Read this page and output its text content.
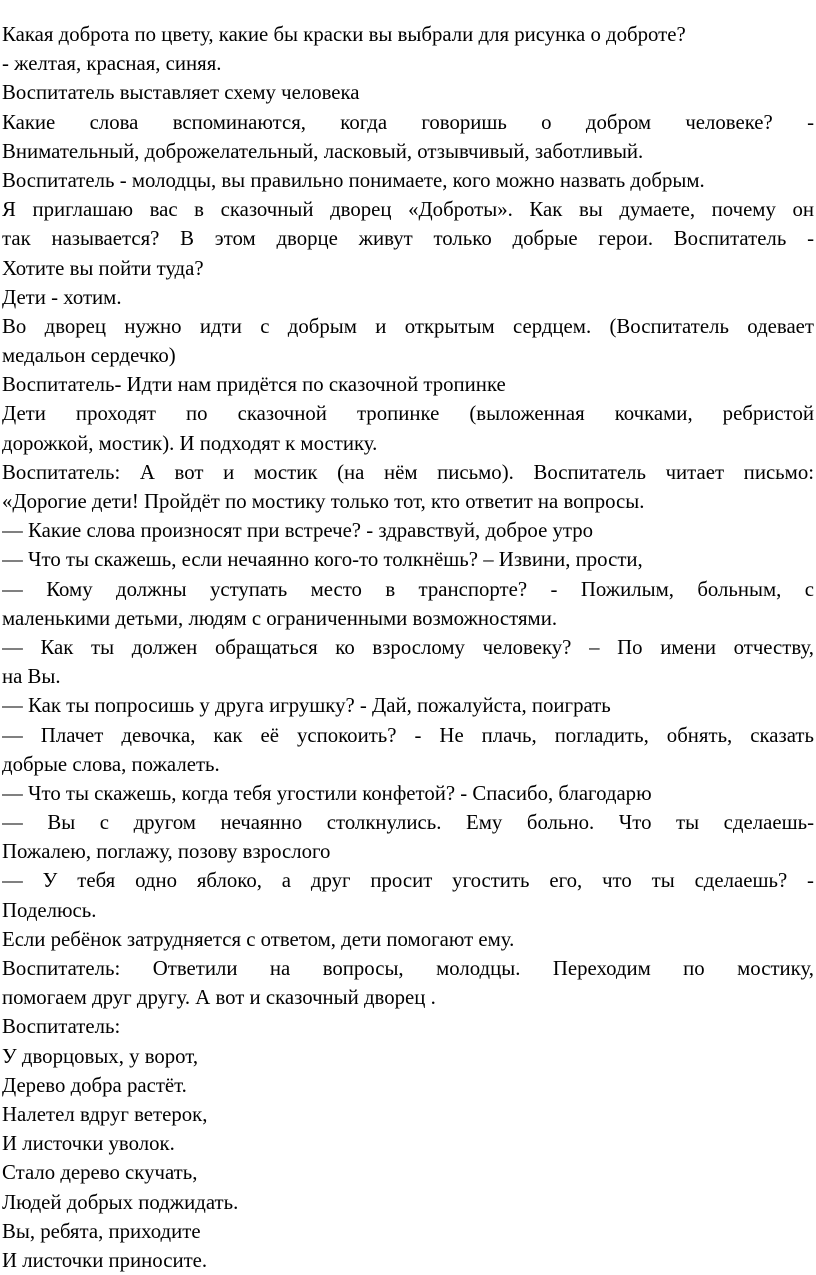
Какая доброта по цвету, какие бы краски вы выбрали для рисунка о доброте?
- желтая, красная, синяя.
Воспитатель выставляет схему человека
Какие слова вспоминаются, когда говоришь о добром человеке? -
Внимательный, доброжелательный, ласковый, отзывчивый, заботливый.
Воспитатель - молодцы, вы правильно понимаете, кого можно назвать добрым.
Я приглашаю вас в сказочный дворец «Доброты». Как вы думаете, почему он
так называется? В этом дворце живут только добрые герои. Воспитатель -
Хотите вы пойти туда?
Дети - хотим.
Во дворец нужно идти с добрым и открытым сердцем. (Воспитатель одевает
медальон сердечко)
Воспитатель- Идти нам придётся по сказочной тропинке
Дети проходят по сказочной тропинке (выложенная кочками, ребристой
дорожкой, мостик). И подходят к мостику.
Воспитатель: А вот и мостик (на нём письмо). Воспитатель читает письмо:
«Дорогие дети! Пройдёт по мостику только тот, кто ответит на вопросы.
— Какие слова произносят при встрече? - здравствуй, доброе утро
— Что ты скажешь, если нечаянно кого-то толкнёшь? – Извини, прости,
— Кому должны уступать место в транспорте? - Пожилым, больным, с
маленькими детьми, людям с ограниченными возможностями.
— Как ты должен обращаться ко взрослому человеку? – По имени отчеству,
на Вы.
— Как ты попросишь у друга игрушку? - Дай, пожалуйста, поиграть
— Плачет девочка, как её успокоить? - Не плачь, погладить, обнять, сказать
добрые слова, пожалеть.
— Что ты скажешь, когда тебя угостили конфетой? - Спасибо, благодарю
— Вы с другом нечаянно столкнулись. Ему больно. Что ты сделаешь-
Пожалею, поглажу, позову взрослого
— У тебя одно яблоко, а друг просит угостить его, что ты сделаешь? -
Поделюсь.
Если ребёнок затрудняется с ответом, дети помогают ему.
Воспитатель: Ответили на вопросы, молодцы. Переходим по мостику,
помогаем друг другу. А вот и сказочный дворец .
Воспитатель:
У дворцовых, у ворот,
Дерево добра растёт.
Налетел вдруг ветерок,
И листочки уволок.
Стало дерево скучать,
Людей добрых поджидать.
Вы, ребята, приходите
И листочки приносите.
